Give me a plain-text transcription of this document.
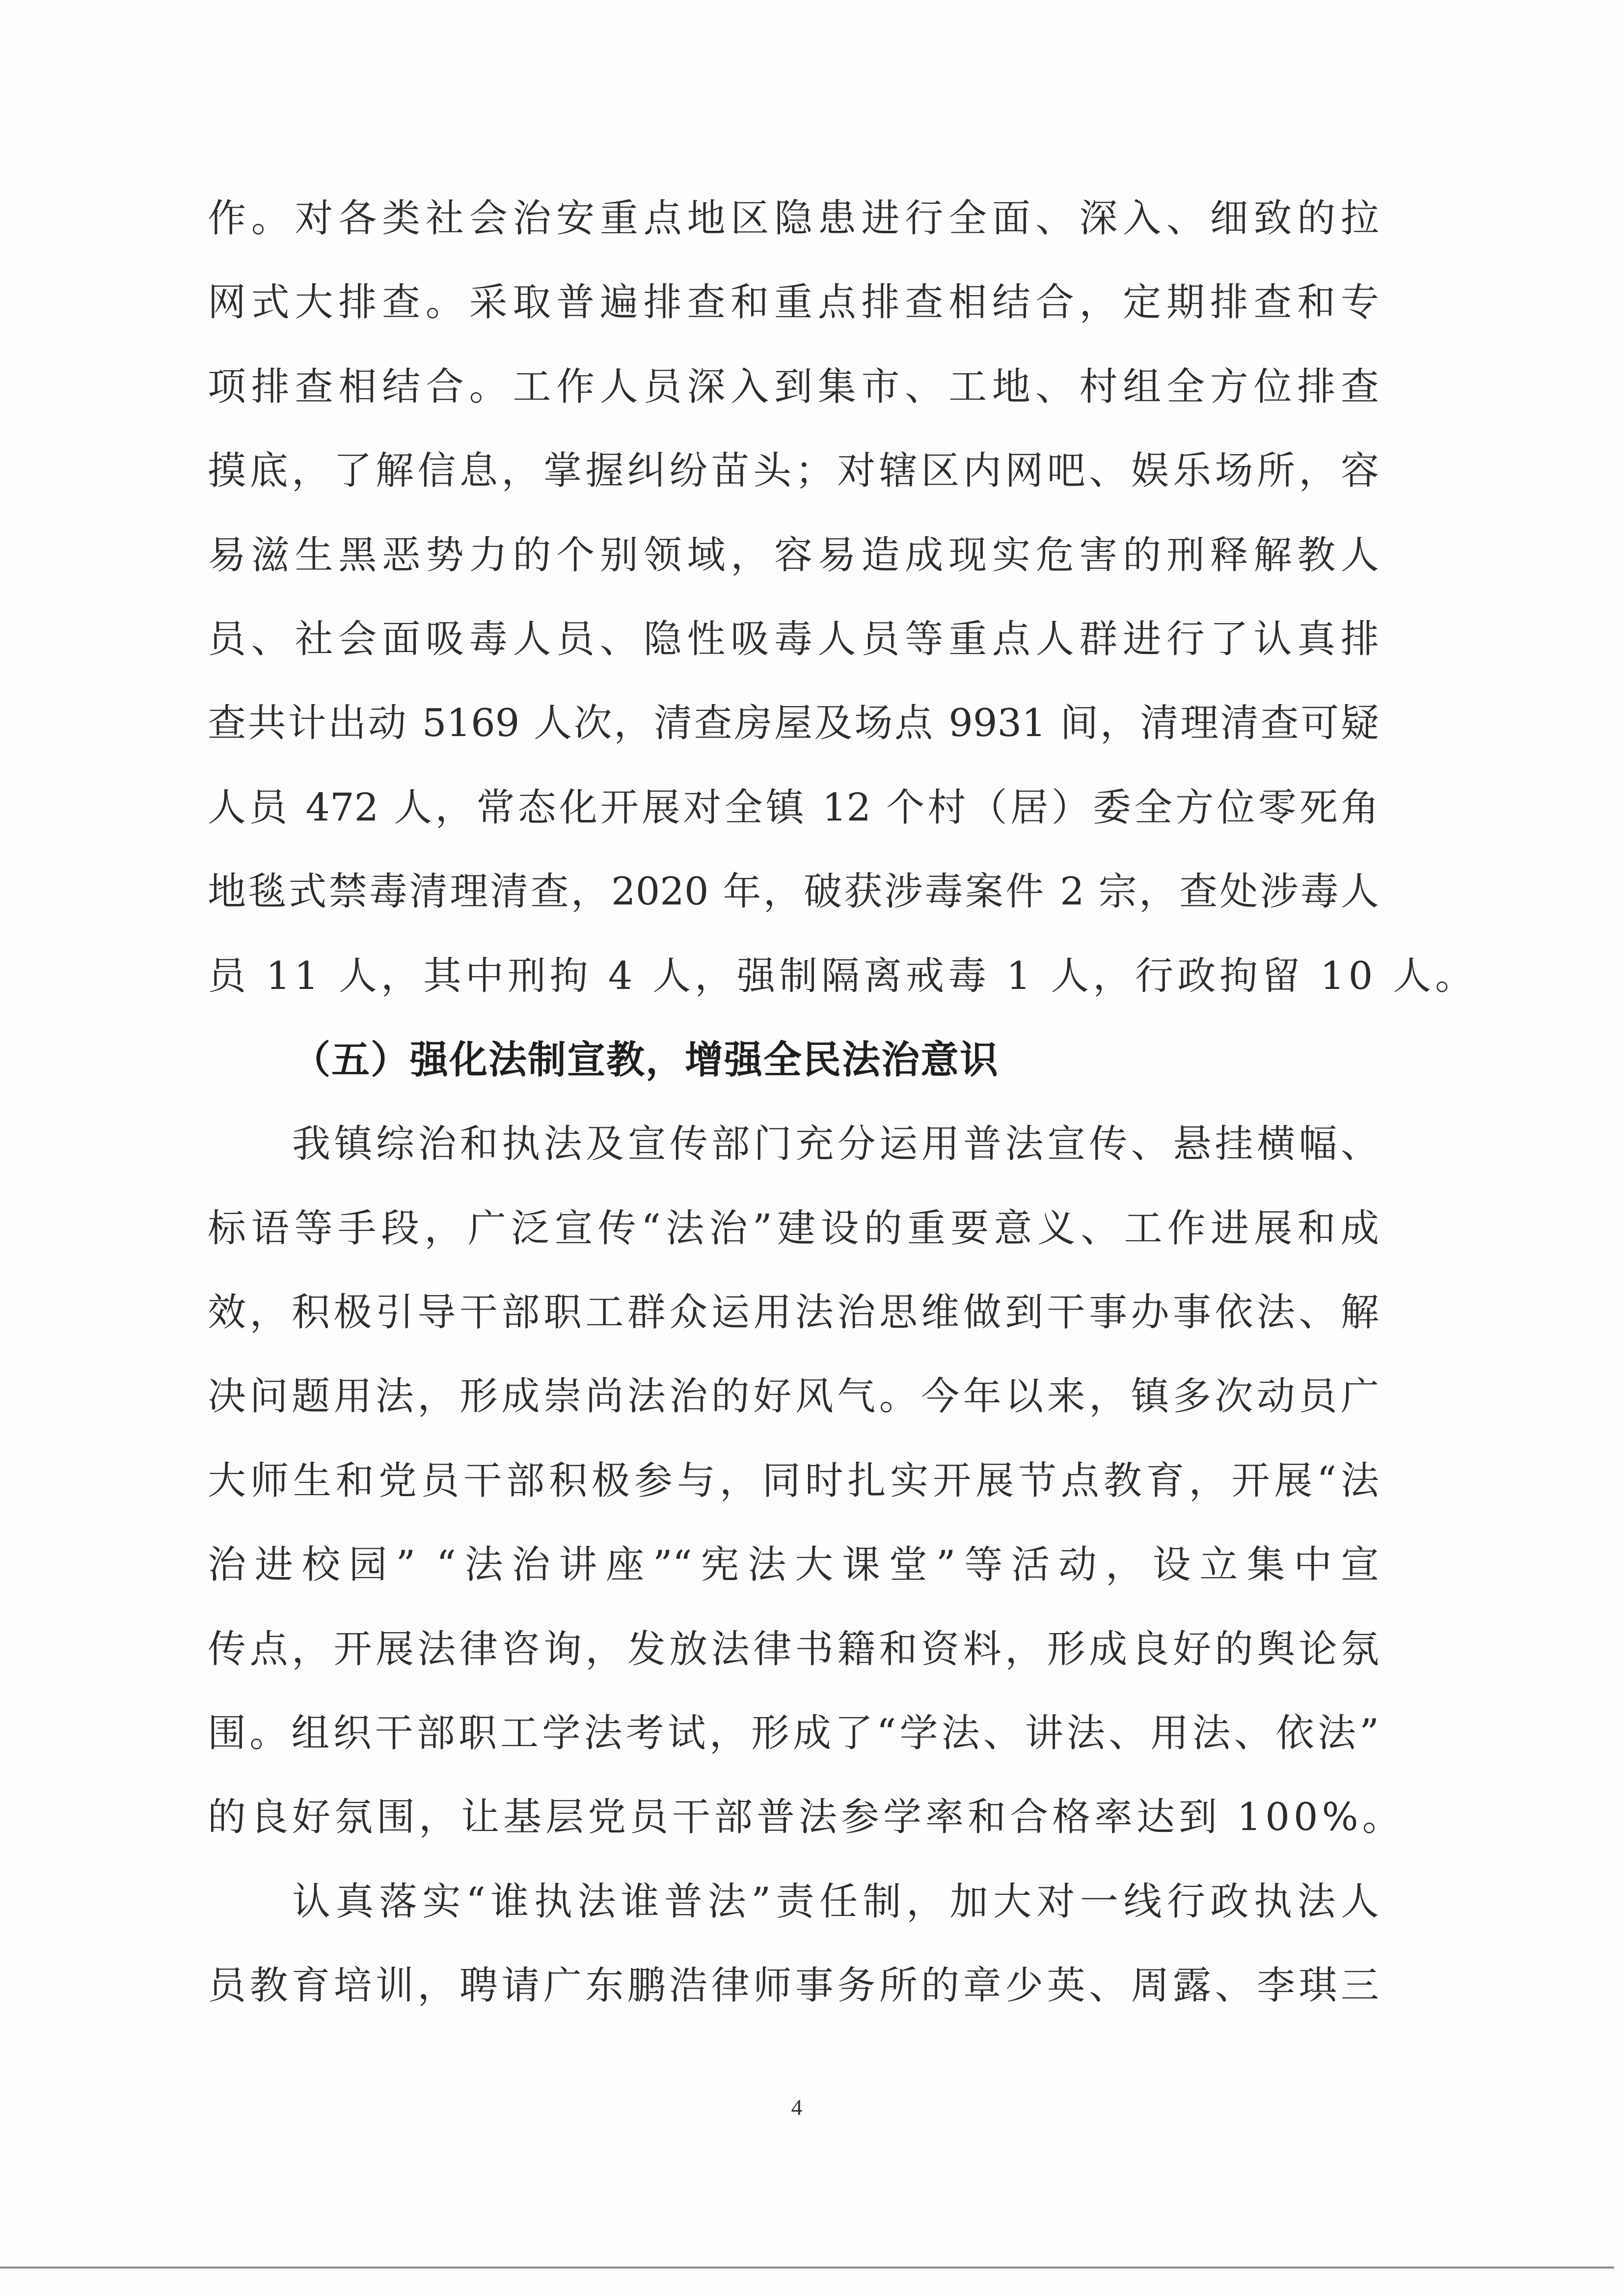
作。对各类社会治安重点地区隐患进行全面、深入、细致的拉
网式大排查。采取普遍排查和重点排查相结合，定期排查和专
项排查相结合。工作人员深入到集市、工地、村组全方位排查
摸底，了解信息，掌握纠纷苗头；对辖区内网吧、娱乐场所，容
易滋生黑恶势力的个别领域，容易造成现实危害的刑释解教人
员、社会面吸毒人员、隐性吸毒人员等重点人群进行了认真排
查共计出动 5169 人次，清查房屋及场点 9931 间，清理清查可疑
人员 472 人，常态化开展对全镇 12 个村（居）委全方位零死角
地毯式禁毒清理清查，2020 年，破获涉毒案件 2 宗，查处涉毒人
员 11 人，其中刑拘 4 人，强制隔离戒毒 1 人，行政拘留 10 人。
（五）强化法制宣教，增强全民法治意识
我镇综治和执法及宣传部门充分运用普法宣传、悬挂横幅、
标语等手段，广泛宣传“法治”建设的重要意义、工作进展和成
效，积极引导干部职工群众运用法治思维做到干事办事依法、解
决问题用法，形成崇尚法治的好风气。今年以来，镇多次动员广
大师生和党员干部积极参与，同时扎实开展节点教育，开展“法
治进校园” “法治讲座”“宪法大课堂”等活动，设立集中宣
传点，开展法律咨询，发放法律书籍和资料，形成良好的舆论氛
围。组织干部职工学法考试，形成了“学法、讲法、用法、依法”
的良好氛围，让基层党员干部普法参学率和合格率达到 100%。
认真落实“谁执法谁普法”责任制，加大对一线行政执法人
员教育培训，聘请广东鹏浩律师事务所的章少英、周露、李琪三
4
